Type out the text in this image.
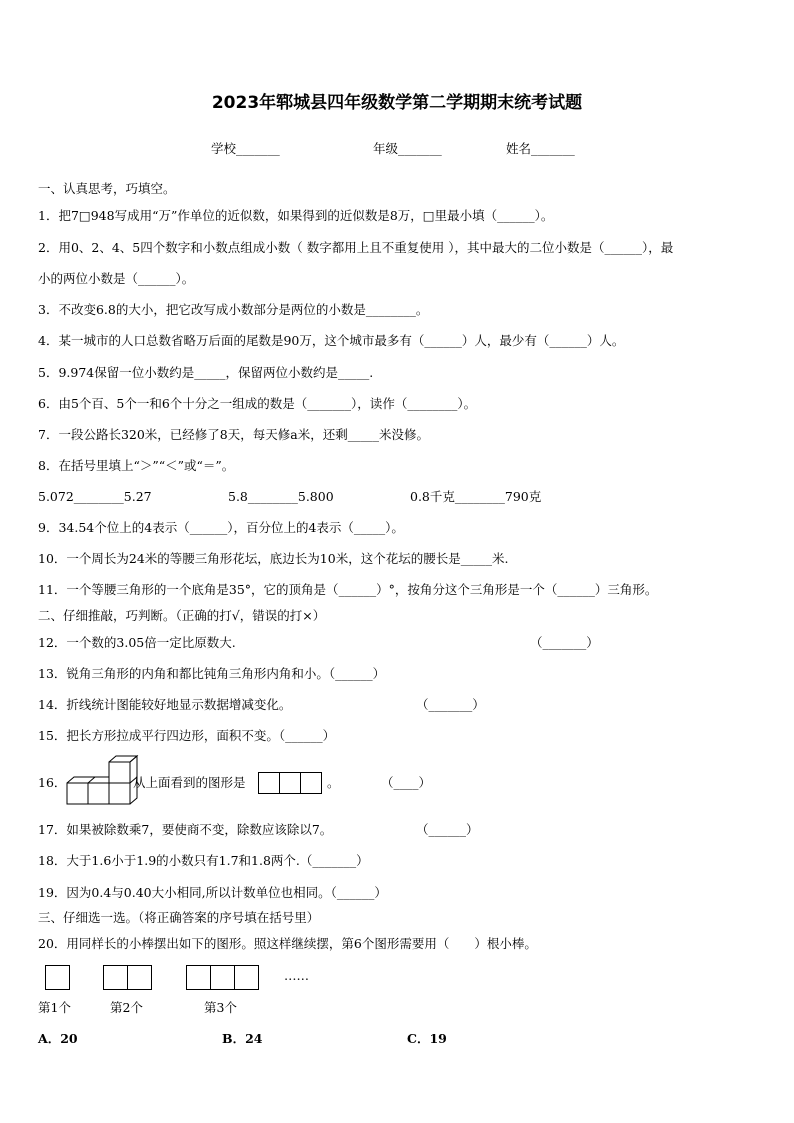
2023年郓城县四年级数学第二学期期末统考试题
学校_______	年级_______	姓名_______
一、认真思考，巧填空。
1．把7□948写成用“万”作单位的近似数，如果得到的近似数是8万，□里最小填（______）。
2．用0、2、4、5四个数字和小数点组成小数（ 数字都用上且不重复使用 ），其中最大的二位小数是（______），最
小的两位小数是（______）。
3．不改变6.8的大小，把它改写成小数部分是两位的小数是________。
4．某一城市的人口总数省略万后面的尾数是90万，这个城市最多有（______）人，最少有（______）人。
5．9.974保留一位小数约是_____，保留两位小数约是_____.
6．由5个百、5个一和6个十分之一组成的数是（_______），读作（________）。
7．一段公路长320米，已经修了8天，每天修a米，还剩_____米没修。
8．在括号里填上“＞”“＜”或“＝”。
5.072________5.27	5.8________5.800	0.8千克________790克
9．34.54个位上的4表示（______），百分位上的4表示（_____）。
10．一个周长为24米的等腰三角形花坛，底边长为10米，这个花坛的腰长是_____米.
11．一个等腰三角形的一个底角是35°，它的顶角是（______）°，按角分这个三角形是一个（______）三角形。
二、仔细推敲，巧判断。（正确的打√，错误的打×）
12．一个数的3.05倍一定比原数大.	（_______）
13．锐角三角形的内角和都比钝角三角形内角和小。（______）
14．折线统计图能较好地显示数据增减变化。	（_______）
15．把长方形拉成平行四边形，面积不变。（______）
16．	从上面看到的图形是	。	（____）
17．如果被除数乘7，要使商不变，除数应该除以7。	（______）
18．大于1.6小于1.9的小数只有1.7和1.8两个.（_______）
19．因为0.4与0.40大小相同,所以计数单位也相同。（______）
三、仔细选一选。（将正确答案的序号填在括号里）
20．用同样长的小棒摆出如下的图形。照这样继续摆，第6个图形需要用（　　）根小棒。
……
第1个	第2个	第3个
A．20	B．24	C．19
